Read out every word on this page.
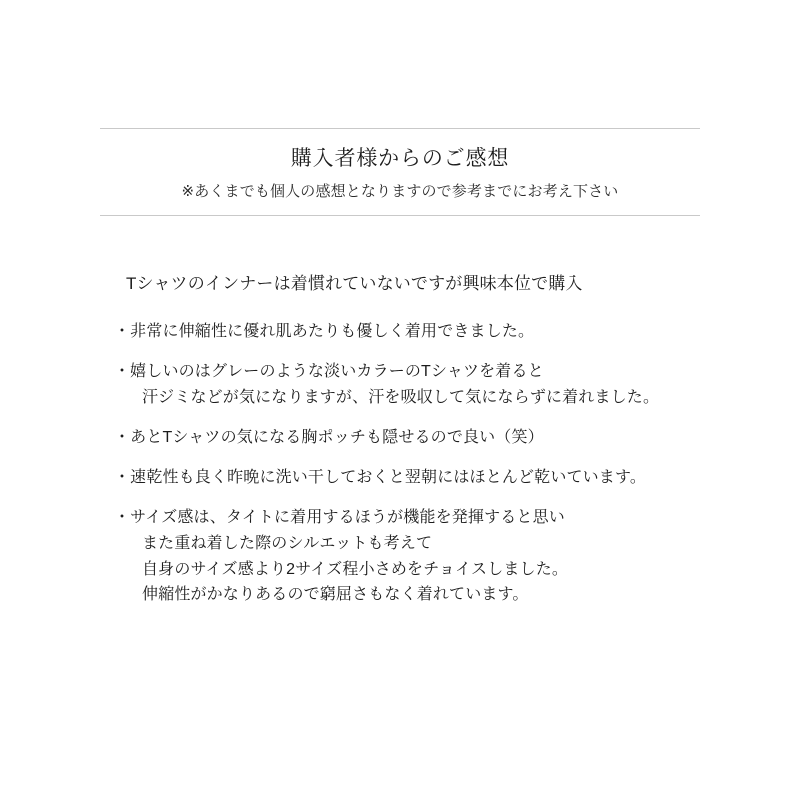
購入者様からのご感想

※あくまでも個人の感想となりますので参考までにお考え下さい

Tシャツのインナーは着慣れていないですが興味本位で購入

・非常に伸縮性に優れ肌あたりも優しく着用できました。

・嬉しいのはグレーのような淡いカラーのTシャツを着ると

汗ジミなどが気になりますが、汗を吸収して気にならずに着れました。

・あとTシャツの気になる胸ポッチも隠せるので良い（笑）

・速乾性も良く昨晩に洗い干しておくと翌朝にはほとんど乾いています。

・サイズ感は、タイトに着用するほうが機能を発揮すると思い

また重ね着した際のシルエットも考えて

自身のサイズ感より2サイズ程小さめをチョイスしました。

伸縮性がかなりあるので窮屈さもなく着れています。
